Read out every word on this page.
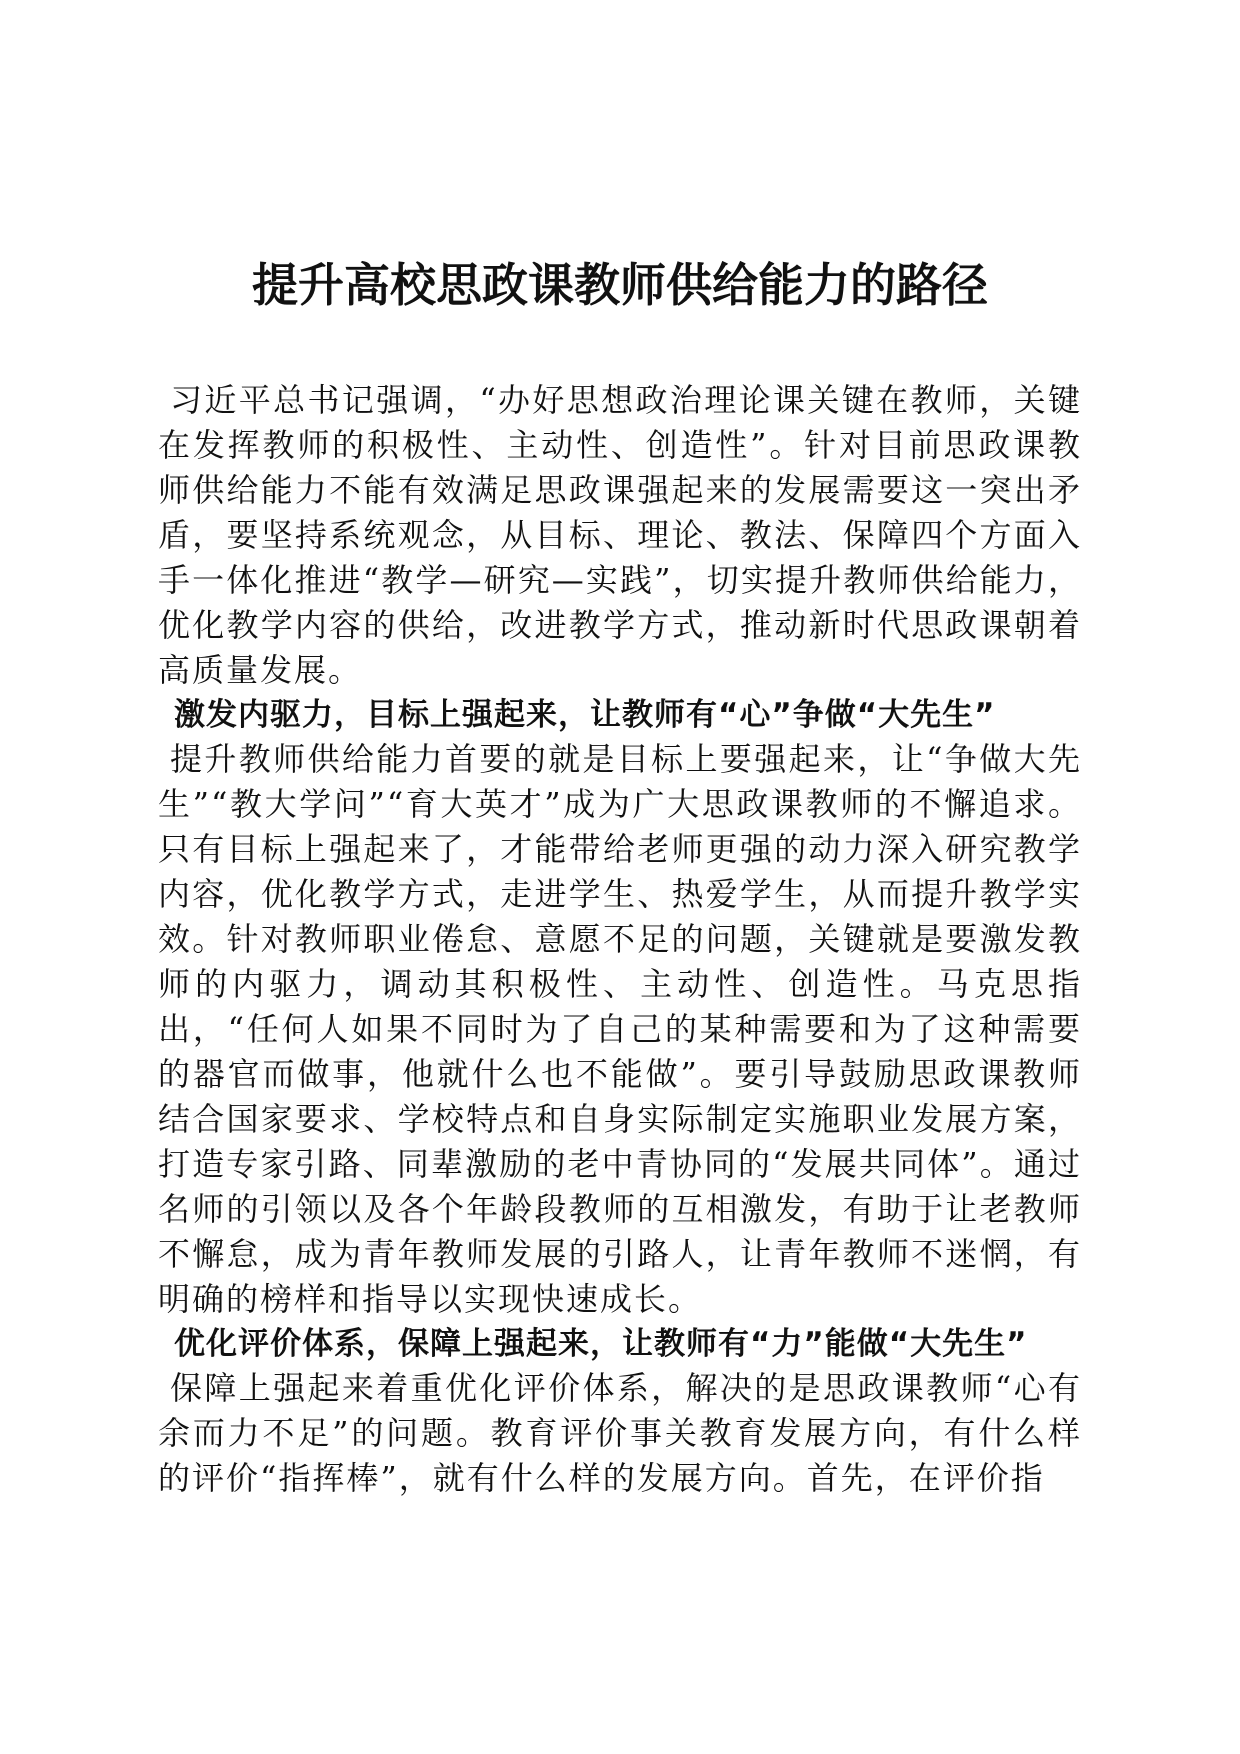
提升高校思政课教师供给能力的路径

习近平总书记强调，“办好思想政治理论课关键在教师，关键在发挥教师的积极性、主动性、创造性”。针对目前思政课教师供给能力不能有效满足思政课强起来的发展需要这一突出矛盾，要坚持系统观念，从目标、理论、教法、保障四个方面入手一体化推进“教学—研究—实践”，切实提升教师供给能力，优化教学内容的供给，改进教学方式，推动新时代思政课朝着高质量发展。

激发内驱力，目标上强起来，让教师有“心”争做“大先生”

提升教师供给能力首要的就是目标上要强起来，让“争做大先生”“教大学问”“育大英才”成为广大思政课教师的不懈追求。只有目标上强起来了，才能带给老师更强的动力深入研究教学内容，优化教学方式，走进学生、热爱学生，从而提升教学实效。针对教师职业倦怠、意愿不足的问题，关键就是要激发教师的内驱力，调动其积极性、主动性、创造性。马克思指出，“任何人如果不同时为了自己的某种需要和为了这种需要的器官而做事，他就什么也不能做”。要引导鼓励思政课教师结合国家要求、学校特点和自身实际制定实施职业发展方案，打造专家引路、同辈激励的老中青协同的“发展共同体”。通过名师的引领以及各个年龄段教师的互相激发，有助于让老教师不懈怠，成为青年教师发展的引路人，让青年教师不迷惘，有明确的榜样和指导以实现快速成长。

优化评价体系，保障上强起来，让教师有“力”能做“大先生”

保障上强起来着重优化评价体系，解决的是思政课教师“心有余而力不足”的问题。教育评价事关教育发展方向，有什么样的评价“指挥棒”，就有什么样的发展方向。首先，在评价指
